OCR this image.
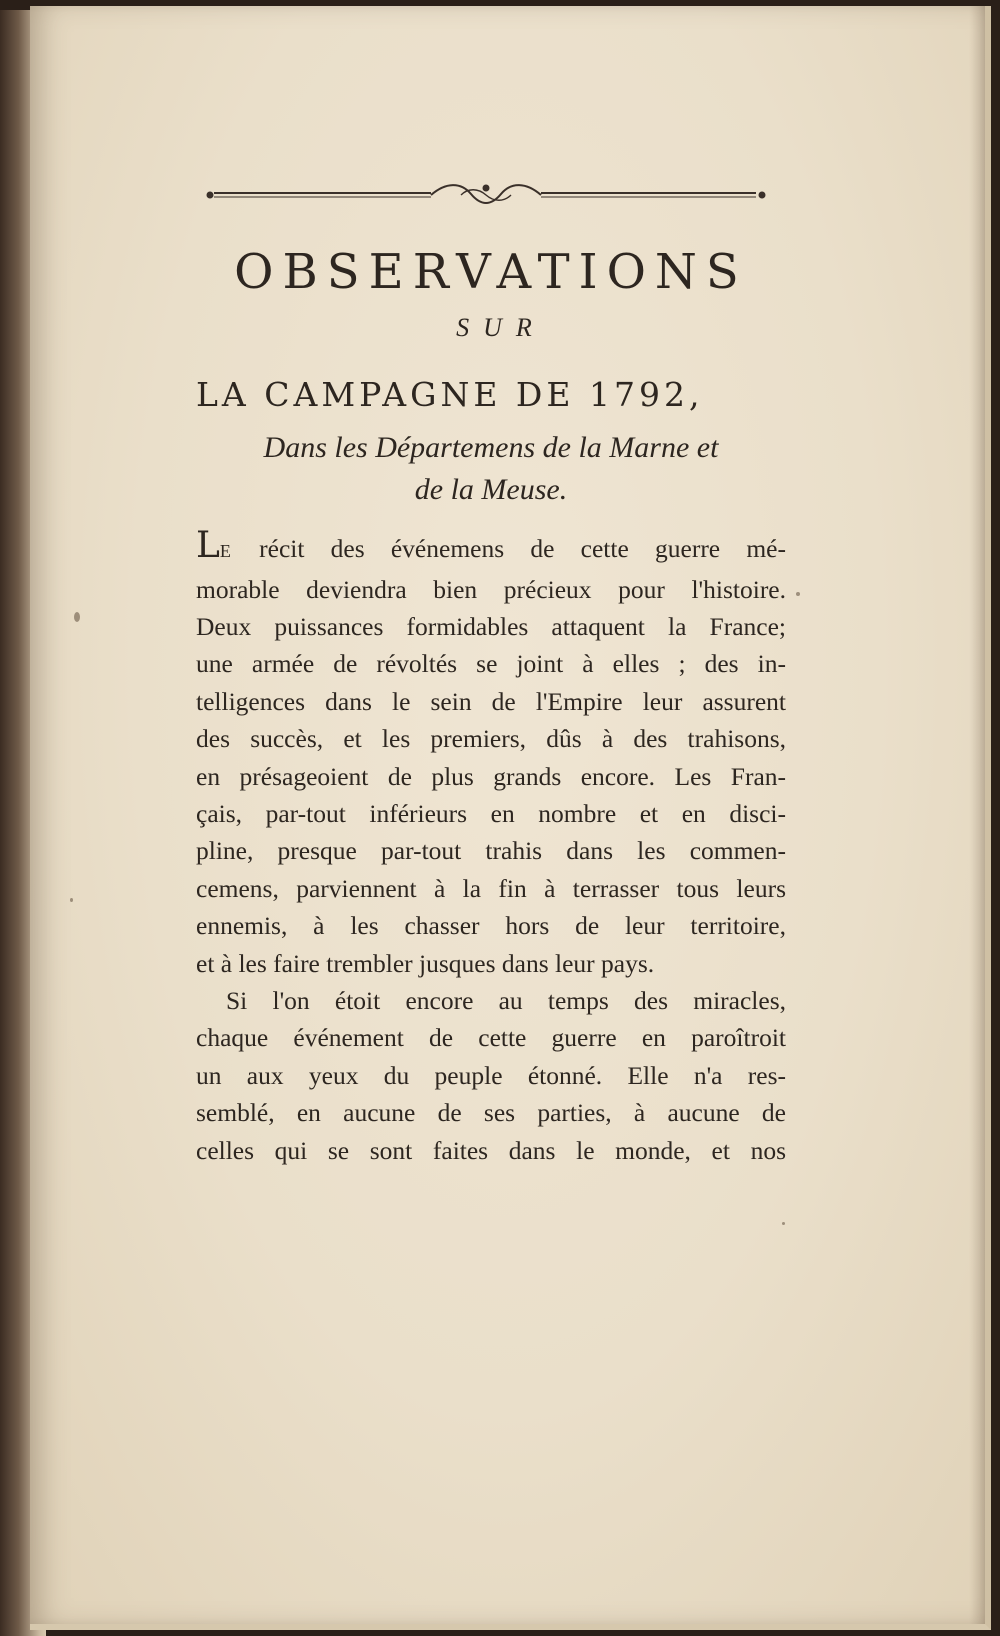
OBSERVATIONS
SUR
LA CAMPAGNE DE 1792,
Dans les Départemens de la Marne et
de la Meuse.
LE récit des événemens de cette guerre mé-
morable deviendra bien précieux pour l'histoire.
Deux puissances formidables attaquent la France;
une armée de révoltés se joint à elles ; des in-
telligences dans le sein de l'Empire leur assurent
des succès, et les premiers, dûs à des trahisons,
en présageoient de plus grands encore. Les Fran-
çais, par-tout inférieurs en nombre et en disci-
pline, presque par-tout trahis dans les commen-
cemens, parviennent à la fin à terrasser tous leurs
ennemis, à les chasser hors de leur territoire,
et à les faire trembler jusques dans leur pays.
Si l'on étoit encore au temps des miracles,
chaque événement de cette guerre en paroîtroit
un aux yeux du peuple étonné. Elle n'a res-
semblé, en aucune de ses parties, à aucune de
celles qui se sont faites dans le monde, et nos
